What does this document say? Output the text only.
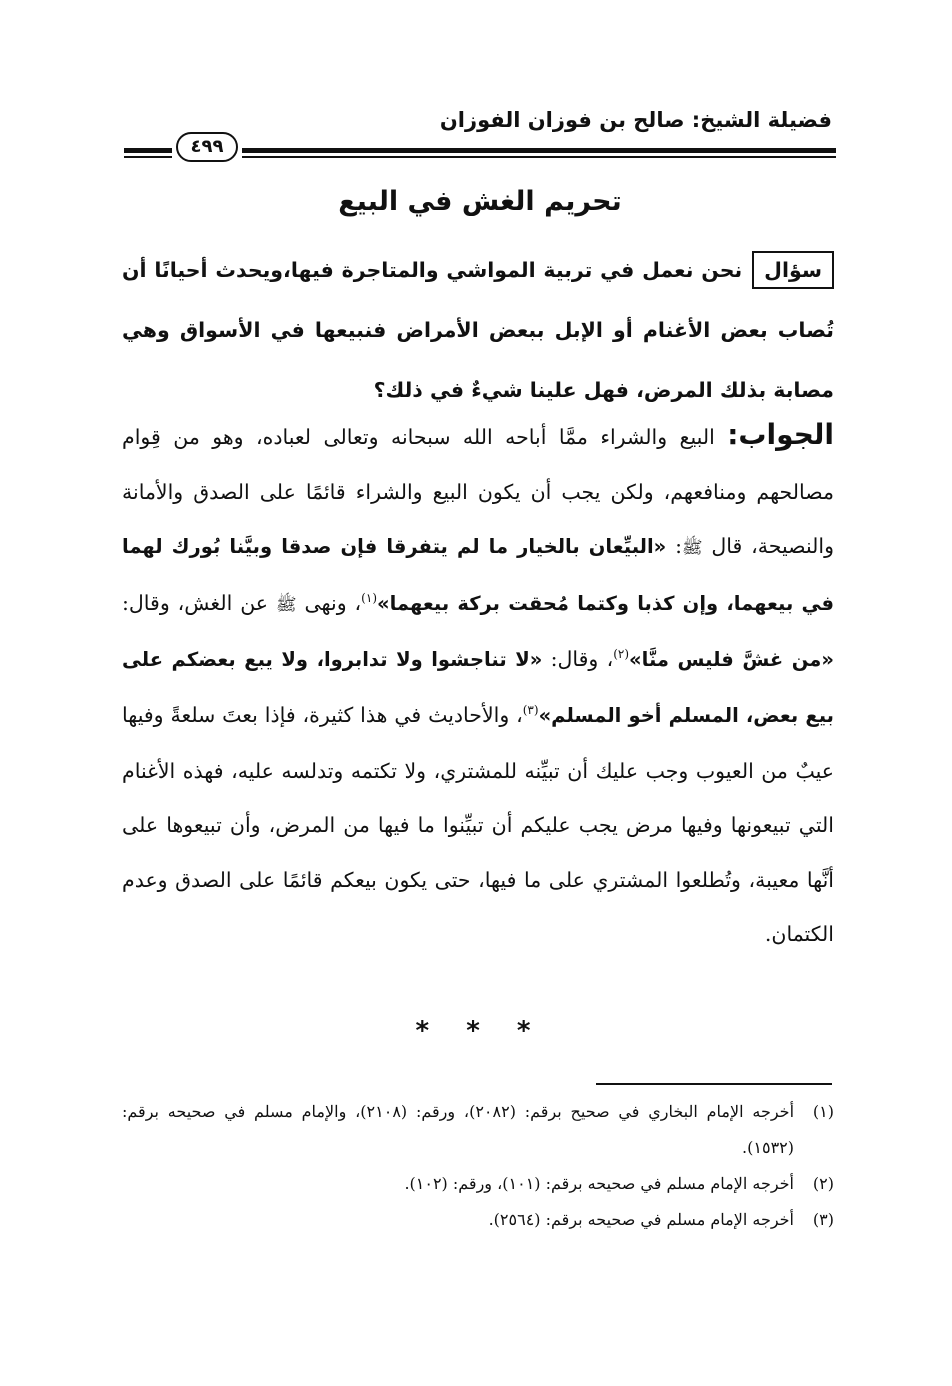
فضيلة الشيخ: صالح بن فوزان الفوزان
٤٩٩
تحريم الغش في البيع
سؤالنحن نعمل في تربية المواشي والمتاجرة فيها،ويحدث أحيانًا أن تُصاب بعض الأغنام أو الإبل ببعض الأمراض فنبيعها في الأسواق وهي مصابة بذلك المرض، فهل علينا شيءٌ في ذلك؟
الجواب: البيع والشراء ممَّا أباحه الله سبحانه وتعالى لعباده، وهو من قِوام مصالحهم ومنافعهم، ولكن يجب أن يكون البيع والشراء قائمًا على الصدق والأمانة والنصيحة، قال ﷺ: «البيِّعان بالخيار ما لم يتفرقا فإن صدقا وبيَّنا بُورك لهما في بيعهما، وإن كذبا وكتما مُحقت بركة بيعهما»$^{(١)}$، ونهى ﷺ عن الغش، وقال: «من غشَّ فليس منَّا»$^{(٢)}$، وقال: «لا تناجشوا ولا تدابروا، ولا يبع بعضكم على بيع بعض، المسلم أخو المسلم»$^{(٣)}$، والأحاديث في هذا كثيرة، فإذا بعتَ سلعةً وفيها عيبٌ من العيوب وجب عليك أن تبيِّنه للمشتري، ولا تكتمه وتدلسه عليه، فهذه الأغنام التي تبيعونها وفيها مرض يجب عليكم أن تبيِّنوا ما فيها من المرض، وأن تبيعوها على أنَّها معيبة، وتُطلعوا المشتري على ما فيها، حتى يكون بيعكم قائمًا على الصدق وعدم الكتمان.
* * *
(١)
أخرجه الإمام البخاري في صحيح برقم: (٢٠٨٢)، ورقم: (٢١٠٨)، والإمام مسلم في صحيحه برقم: (١٥٣٢).
(٢)
أخرجه الإمام مسلم في صحيحه برقم: (١٠١)، ورقم: (١٠٢).
(٣)
أخرجه الإمام مسلم في صحيحه برقم: (٢٥٦٤).
